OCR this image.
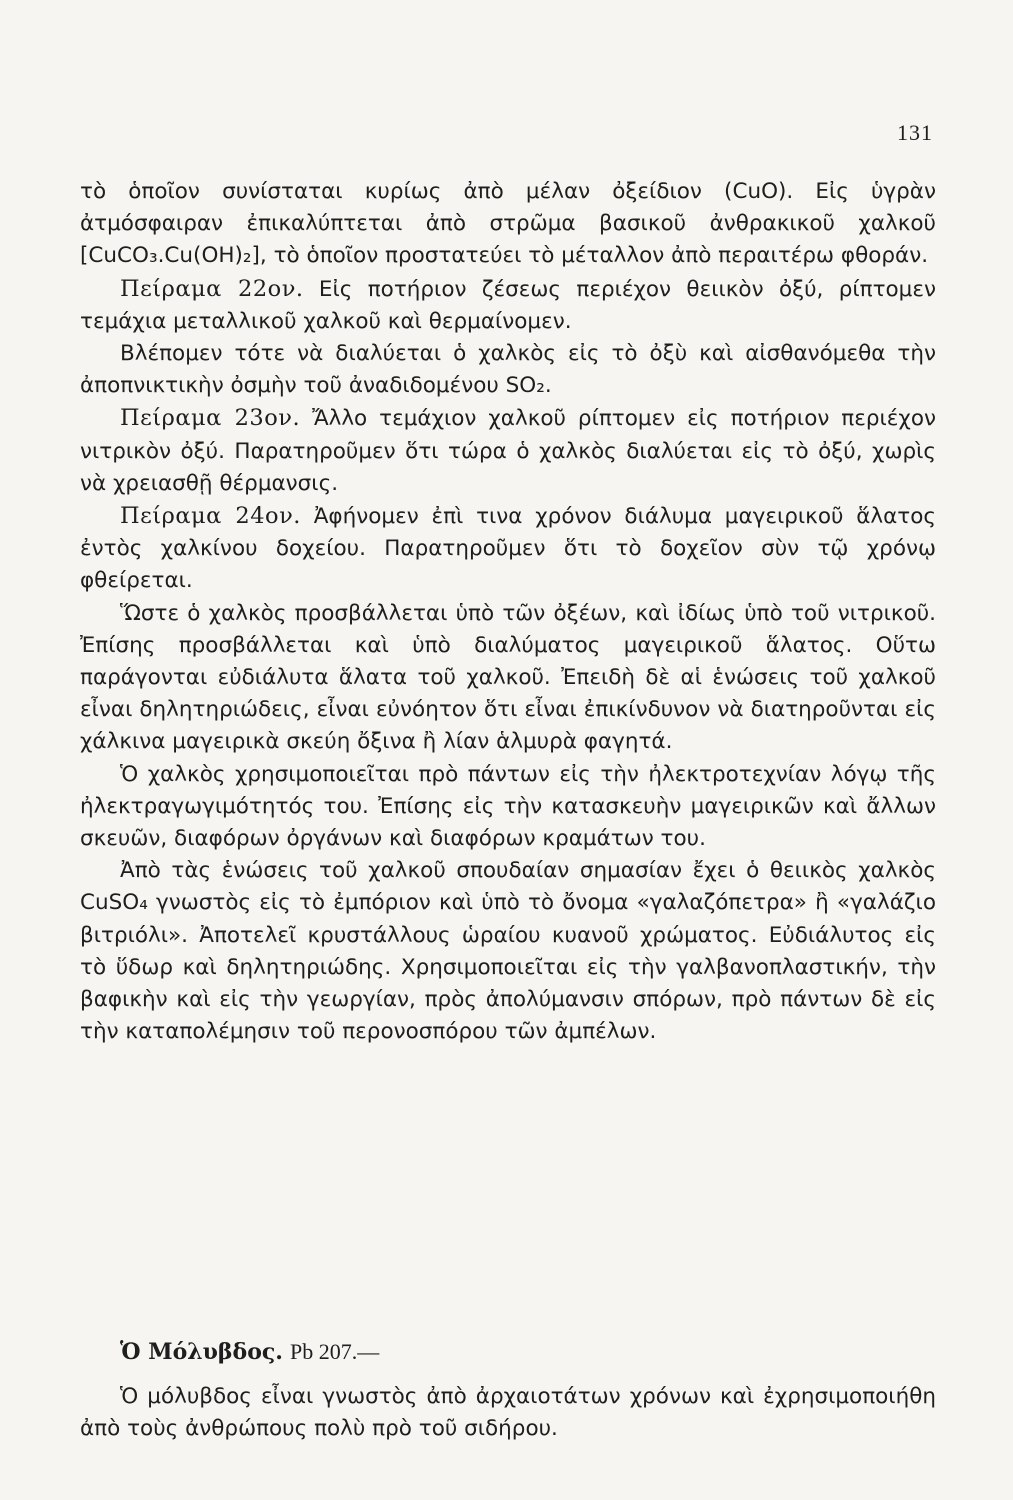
131

τὸ ὁποῖον συνίσταται κυρίως ἀπὸ μέλαν ὀξείδιον (CuO). Εἰς ὑγρὰν ἀτμόσφαιραν ἐπικαλύπτεται ἀπὸ στρῶμα βασικοῦ ἀνθρακικοῦ χαλκοῦ [CuCO₃.Cu(OH)₂], τὸ ὁποῖον προστατεύει τὸ μέταλλον ἀπὸ περαιτέρω φθοράν.

Πείραμα 22ον. Εἰς ποτήριον ζέσεως περιέχον θειικὸν ὀξύ, ρίπτομεν τεμάχια μεταλλικοῦ χαλκοῦ καὶ θερμαίνομεν.

Βλέπομεν τότε νὰ διαλύεται ὁ χαλκὸς εἰς τὸ ὀξὺ καὶ αἰσθανόμεθα τὴν ἀποπνικτικὴν ὀσμὴν τοῦ ἀναδιδομένου SO₂.

Πείραμα 23ον. Ἄλλο τεμάχιον χαλκοῦ ρίπτομεν εἰς ποτήριον περιέχον νιτρικὸν ὀξύ. Παρατηροῦμεν ὅτι τώρα ὁ χαλκὸς διαλύεται εἰς τὸ ὀξύ, χωρὶς νὰ χρειασθῇ θέρμανσις.

Πείραμα 24ον. Ἀφήνομεν ἐπὶ τινα χρόνον διάλυμα μαγειρικοῦ ἅλατος ἐντὸς χαλκίνου δοχείου. Παρατηροῦμεν ὅτι τὸ δοχεῖον σὺν τῷ χρόνῳ φθείρεται.

Ὥστε ὁ χαλκὸς προσβάλλεται ὑπὸ τῶν ὀξέων, καὶ ἰδίως ὑπὸ τοῦ νιτρικοῦ. Ἐπίσης προσβάλλεται καὶ ὑπὸ διαλύματος μαγειρικοῦ ἅλατος. Οὕτω παράγονται εὐδιάλυτα ἅλατα τοῦ χαλκοῦ. Ἐπειδὴ δὲ αἱ ἑνώσεις τοῦ χαλκοῦ εἶναι δηλητηριώδεις, εἶναι εὐνόητον ὅτι εἶναι ἐπικίνδυνον νὰ διατηροῦνται εἰς χάλκινα μαγειρικὰ σκεύη ὄξινα ἢ λίαν ἁλμυρὰ φαγητά.

Ὁ χαλκὸς χρησιμοποιεῖται πρὸ πάντων εἰς τὴν ἠλεκτροτεχνίαν λόγῳ τῆς ἠλεκτραγωγιμότητός του. Ἐπίσης εἰς τὴν κατασκευὴν μαγειρικῶν καὶ ἄλλων σκευῶν, διαφόρων ὀργάνων καὶ διαφόρων κραμάτων του.

Ἀπὸ τὰς ἑνώσεις τοῦ χαλκοῦ σπουδαίαν σημασίαν ἔχει ὁ θειικὸς χαλκὸς CuSO₄ γνωστὸς εἰς τὸ ἐμπόριον καὶ ὑπὸ τὸ ὄνομα «γαλαζόπετρα» ἢ «γαλάζιο βιτριόλι». Ἀποτελεῖ κρυστάλλους ὡραίου κυανοῦ χρώματος. Εὐδιάλυτος εἰς τὸ ὕδωρ καὶ δηλητηριώδης. Χρησιμοποιεῖται εἰς τὴν γαλβανοπλαστικήν, τὴν βαφικὴν καὶ εἰς τὴν γεωργίαν, πρὸς ἀπολύμανσιν σπόρων, πρὸ πάντων δὲ εἰς τὴν καταπολέμησιν τοῦ περονοσπόρου τῶν ἀμπέλων.

Ὁ Μόλυβδος. Pb 207.—

Ὁ μόλυβδος εἶναι γνωστὸς ἀπὸ ἀρχαιοτάτων χρόνων καὶ ἐχρησιμοποιήθη ἀπὸ τοὺς ἀνθρώπους πολὺ πρὸ τοῦ σιδήρου.
